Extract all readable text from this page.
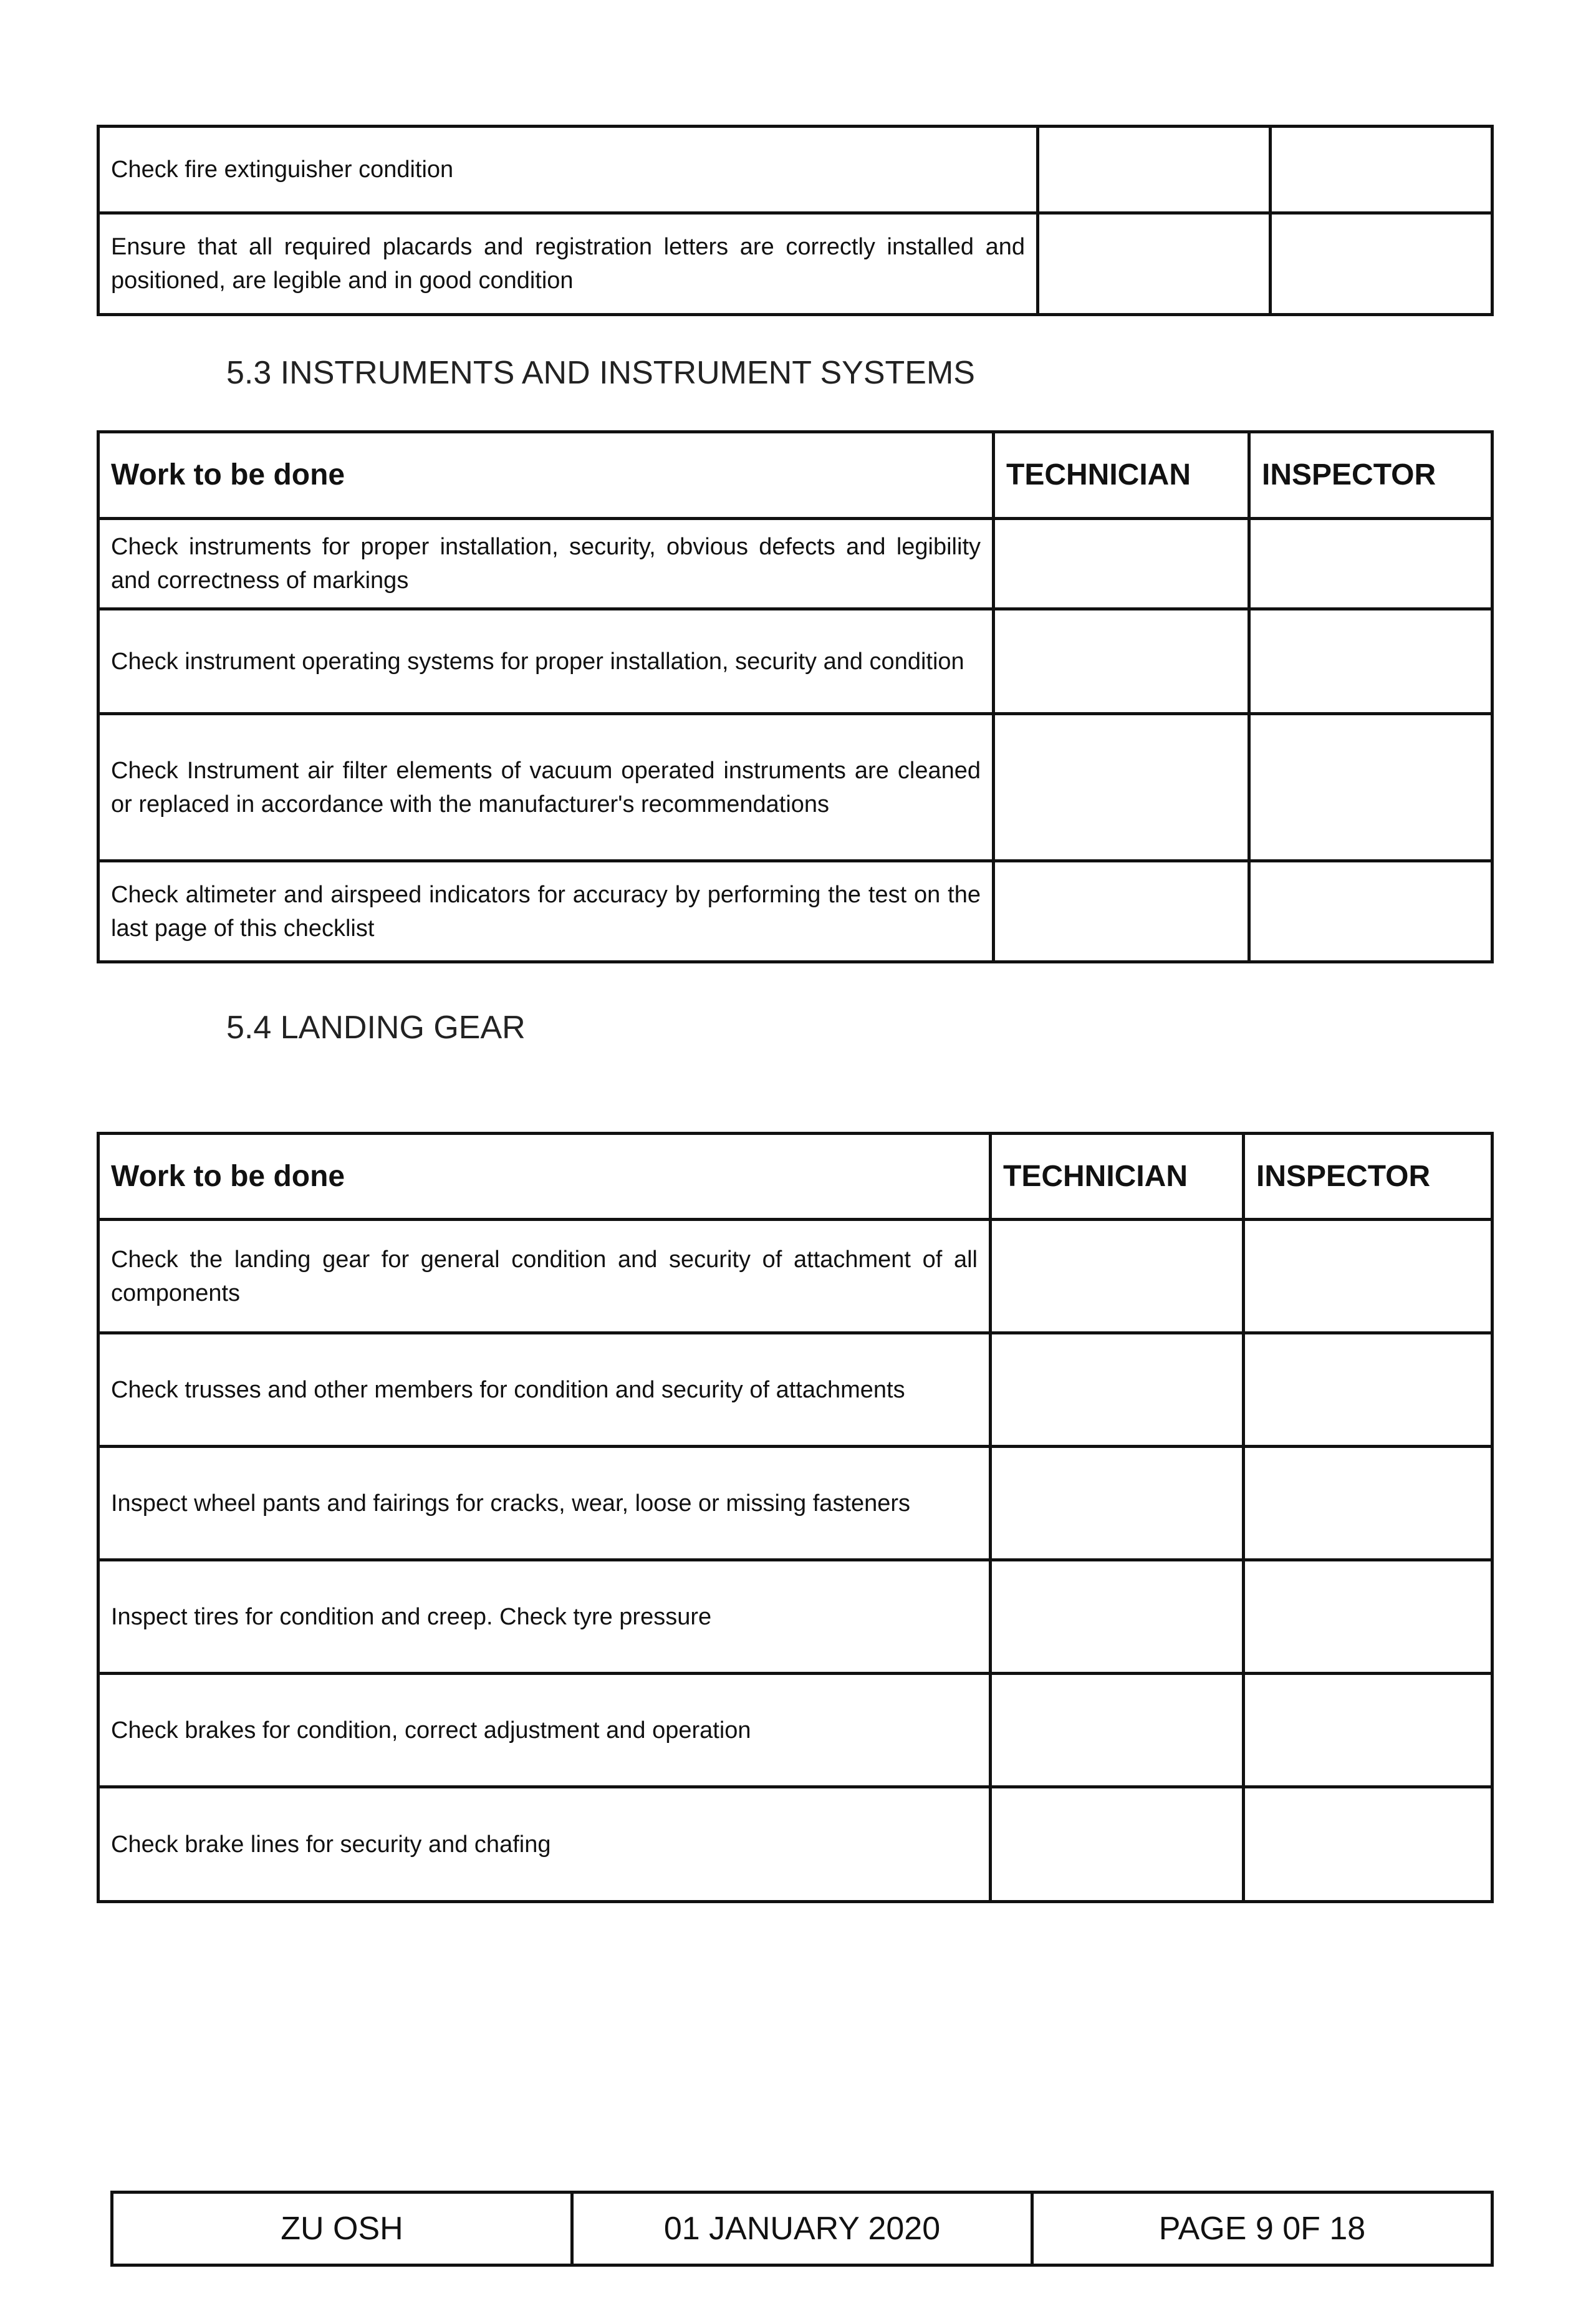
Check fire extinguisher condition		
Ensure that all required placards and registration letters are correctly installed and positioned, are legible and in good condition		
5.3 INSTRUMENTS AND INSTRUMENT SYSTEMS
Work to be done	TECHNICIAN	INSPECTOR
Check instruments for proper installation, security, obvious defects and legibility and correctness of markings		
Check instrument operating systems for proper installation, security and condition		
Check Instrument air filter elements of vacuum operated instruments are cleaned or replaced in accordance with the manufacturer's recommendations		
Check altimeter and airspeed indicators for accuracy by performing the test on the last page of this checklist		
5.4 LANDING GEAR
Work to be done	TECHNICIAN	INSPECTOR
Check the landing gear for general condition and security of attachment of all components		
Check trusses and other members for condition and security of attachments		
Inspect wheel pants and fairings for cracks, wear, loose or missing fasteners		
Inspect tires for condition and creep. Check tyre pressure		
Check brakes for condition, correct adjustment and operation		
Check brake lines for security and chafing		
ZU OSH	01 JANUARY 2020	PAGE 9 0F 18
